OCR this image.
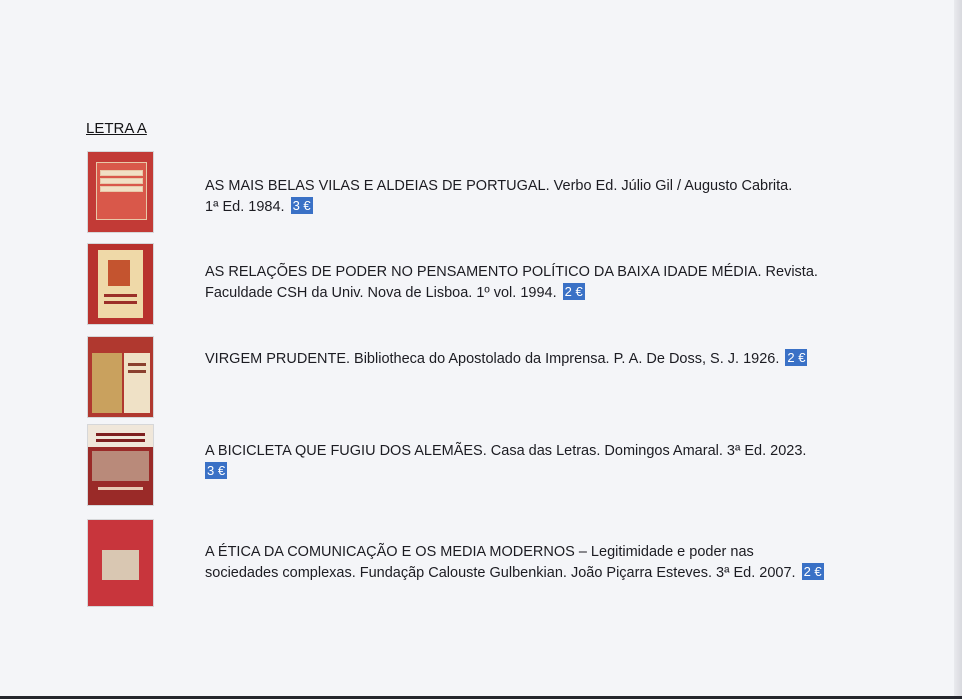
LETRA A
AS MAIS BELAS VILAS E ALDEIAS DE PORTUGAL. Verbo Ed. Júlio Gil / Augusto Cabrita.
1ª Ed. 1984. 3 €
AS RELAÇÕES DE PODER NO PENSAMENTO POLÍTICO DA BAIXA IDADE MÉDIA. Revista.
Faculdade CSH da Univ. Nova de Lisboa. 1º vol. 1994. 2 €
VIRGEM PRUDENTE. Bibliotheca do Apostolado da Imprensa. P. A. De Doss, S. J. 1926. 2 €
A BICICLETA QUE FUGIU DOS ALEMÃES. Casa das Letras. Domingos Amaral. 3ª Ed. 2023.
3 €
A ÉTICA DA COMUNICAÇÃO E OS MEDIA MODERNOS – Legitimidade e poder nas
sociedades complexas. Fundaçãp Calouste Gulbenkian. João Piçarra Esteves. 3ª Ed. 2007. 2 €
